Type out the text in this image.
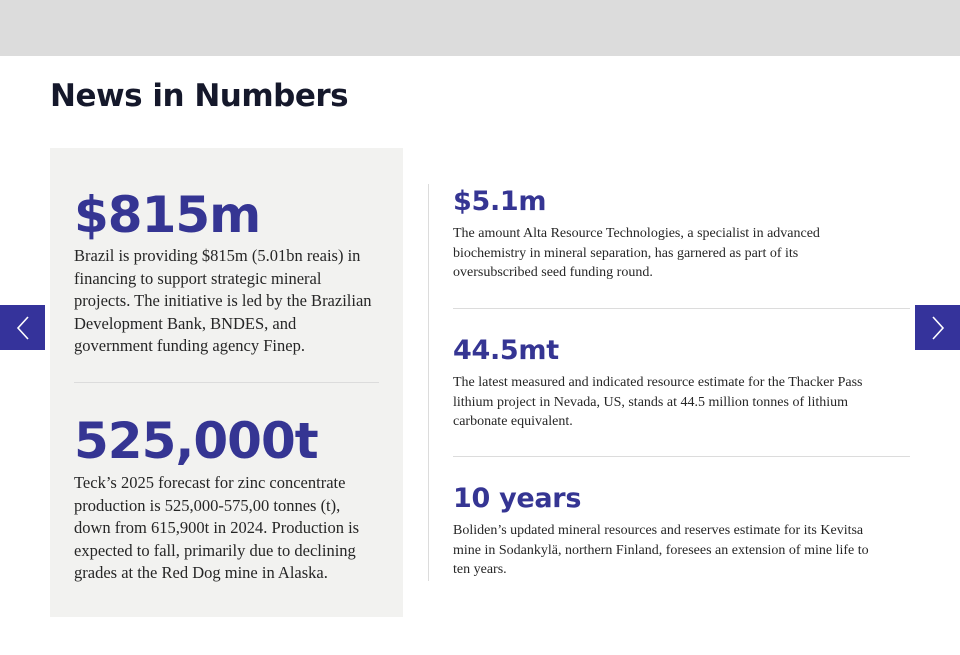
News in Numbers
$815m

Brazil is providing $815m (5.01bn reais) in financing to support strategic mineral projects. The initiative is led by the Brazilian Development Bank, BNDES, and government funding agency Finep.

525,000t

Teck’s 2025 forecast for zinc concentrate production is 525,000-575,00 tonnes (t), down from 615,900t in 2024. Production is expected to fall, primarily due to declining grades at the Red Dog mine in Alaska.

$5.1m

The amount Alta Resource Technologies, a specialist in advanced biochemistry in mineral separation, has garnered as part of its oversubscribed seed funding round.

44.5mt

The latest measured and indicated resource estimate for the Thacker Pass lithium project in Nevada, US, stands at 44.5 million tonnes of lithium carbonate equivalent.

10 years

Boliden’s updated mineral resources and reserves estimate for its Kevitsa mine in Sodankylä, northern Finland, foresees an extension of mine life to ten years.
